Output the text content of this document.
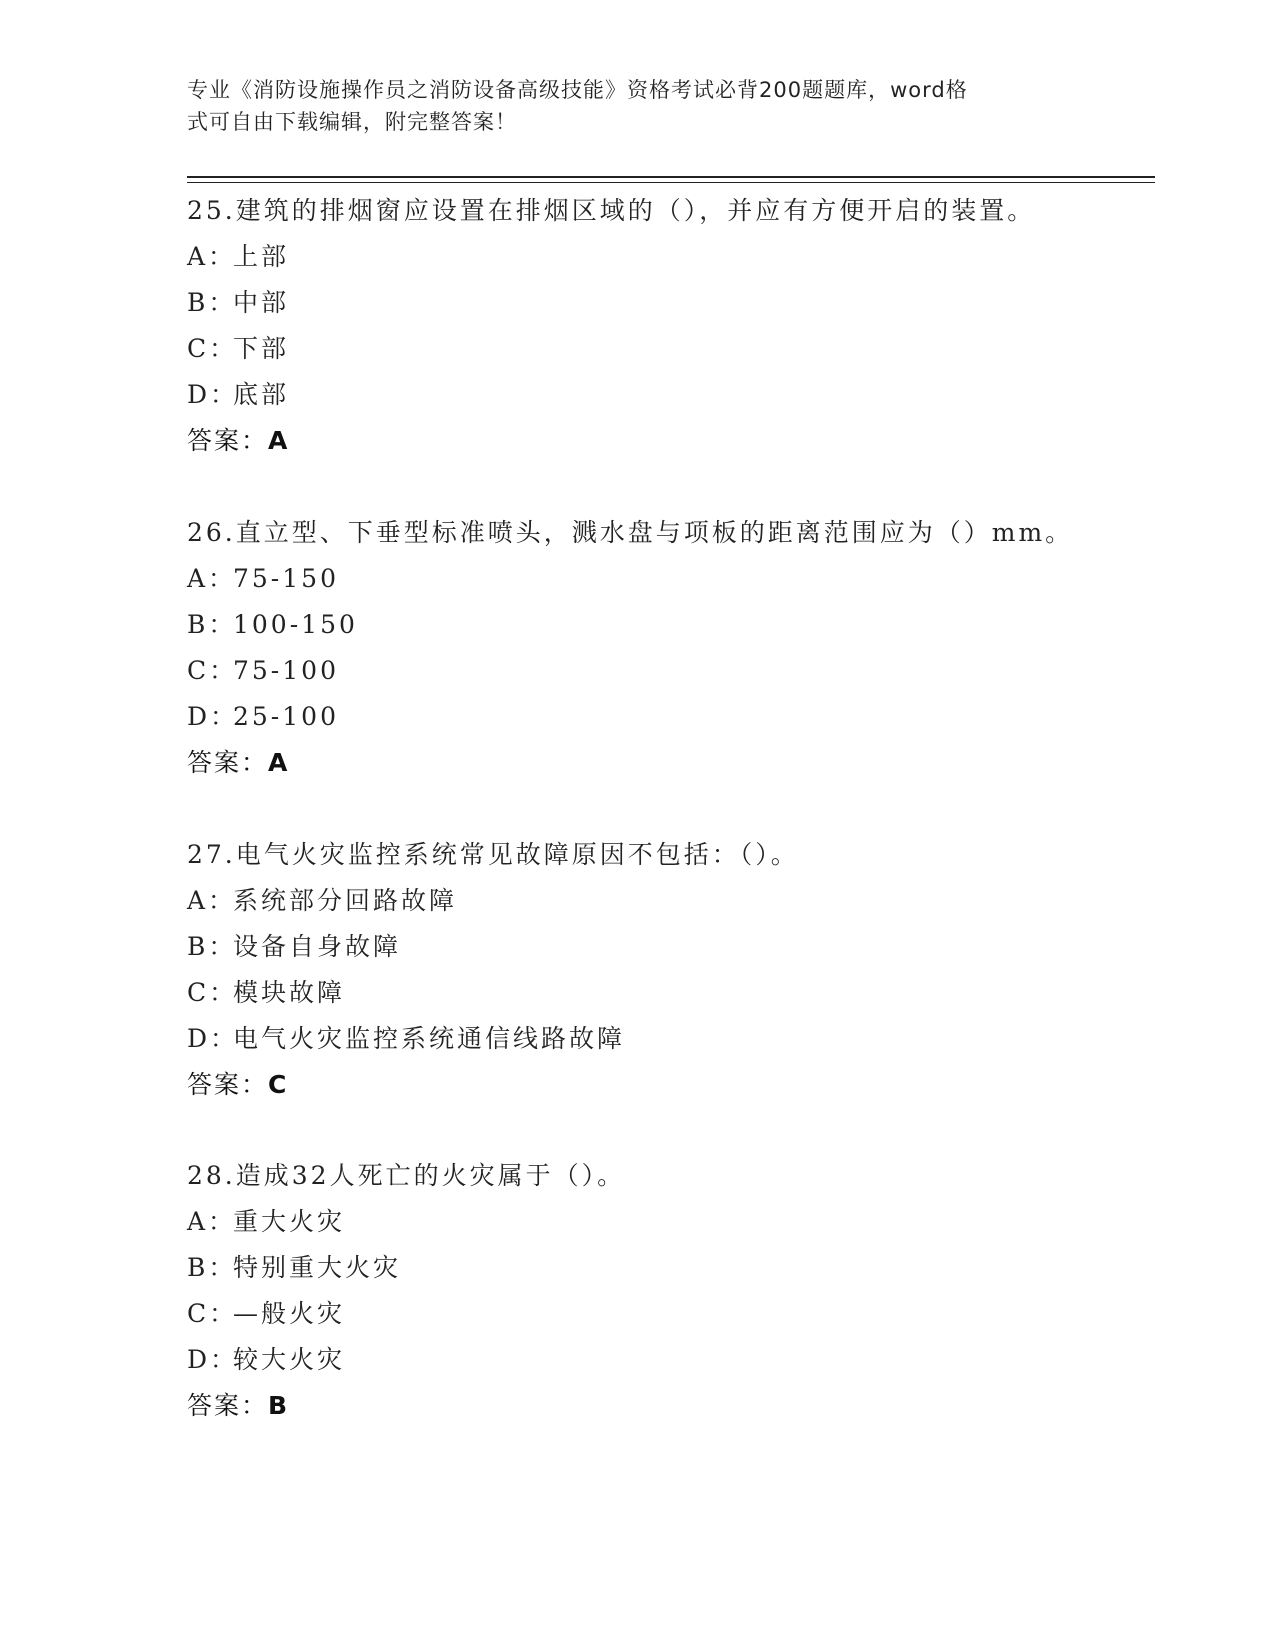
专业《消防设施操作员之消防设备高级技能》资格考试必背200题题库，word格
式可自由下载编辑，附完整答案！
25.建筑的排烟窗应设置在排烟区域的（），并应有方便开启的装置。
A：上部
B：中部
C：下部
D：底部
答案：A
26.直立型、下垂型标准喷头，溅水盘与项板的距离范围应为（）mm。
A：75-150
B：100-150
C：75-100
D：25-100
答案：A
27.电气火灾监控系统常见故障原因不包括：（）。
A：系统部分回路故障
B：设备自身故障
C：模块故障
D：电气火灾监控系统通信线路故障
答案：C
28.造成32人死亡的火灾属于（）。
A：重大火灾
B：特别重大火灾
C：—般火灾
D：较大火灾
答案：B
